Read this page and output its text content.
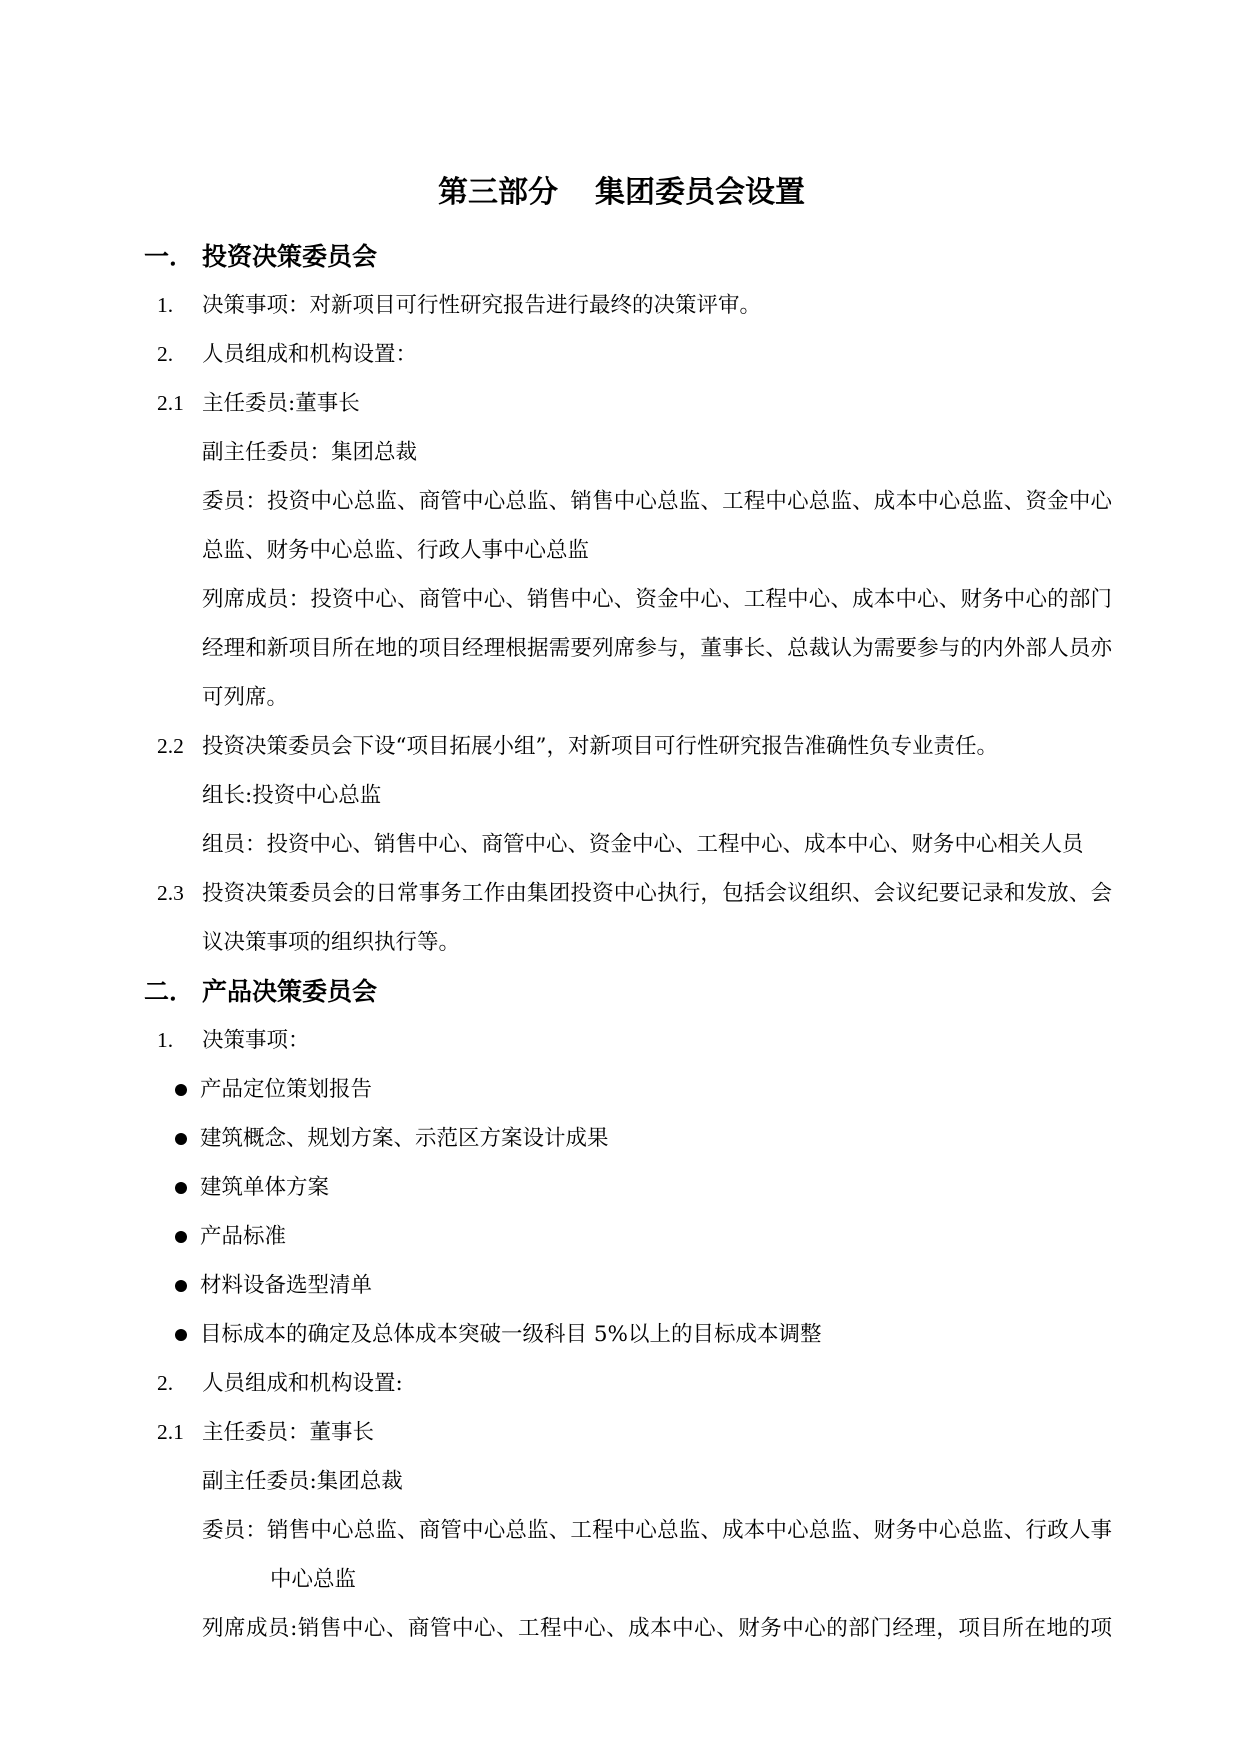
第三部分 集团委员会设置
一． 投资决策委员会
1. 决策事项：对新项目可行性研究报告进行最终的决策评审。
2. 人员组成和机构设置：
2.1 主任委员:董事长
副主任委员：集团总裁
委员：投资中心总监、商管中心总监、销售中心总监、工程中心总监、成本中心总监、资金中心
总监、财务中心总监、行政人事中心总监
列席成员：投资中心、商管中心、销售中心、资金中心、工程中心、成本中心、财务中心的部门
经理和新项目所在地的项目经理根据需要列席参与，董事长、总裁认为需要参与的内外部人员亦
可列席。
2.2 投资决策委员会下设“项目拓展小组”，对新项目可行性研究报告准确性负专业责任。
组长:投资中心总监
组员：投资中心、销售中心、商管中心、资金中心、工程中心、成本中心、财务中心相关人员
2.3 投资决策委员会的日常事务工作由集团投资中心执行，包括会议组织、会议纪要记录和发放、会
议决策事项的组织执行等。
二． 产品决策委员会
1. 决策事项：
产品定位策划报告
建筑概念、规划方案、示范区方案设计成果
建筑单体方案
产品标准
材料设备选型清单
目标成本的确定及总体成本突破一级科目 5%以上的目标成本调整
2. 人员组成和机构设置:
2.1 主任委员：董事长
副主任委员:集团总裁
委员：销售中心总监、商管中心总监、工程中心总监、成本中心总监、财务中心总监、行政人事
中心总监
列席成员:销售中心、商管中心、工程中心、成本中心、财务中心的部门经理，项目所在地的项
